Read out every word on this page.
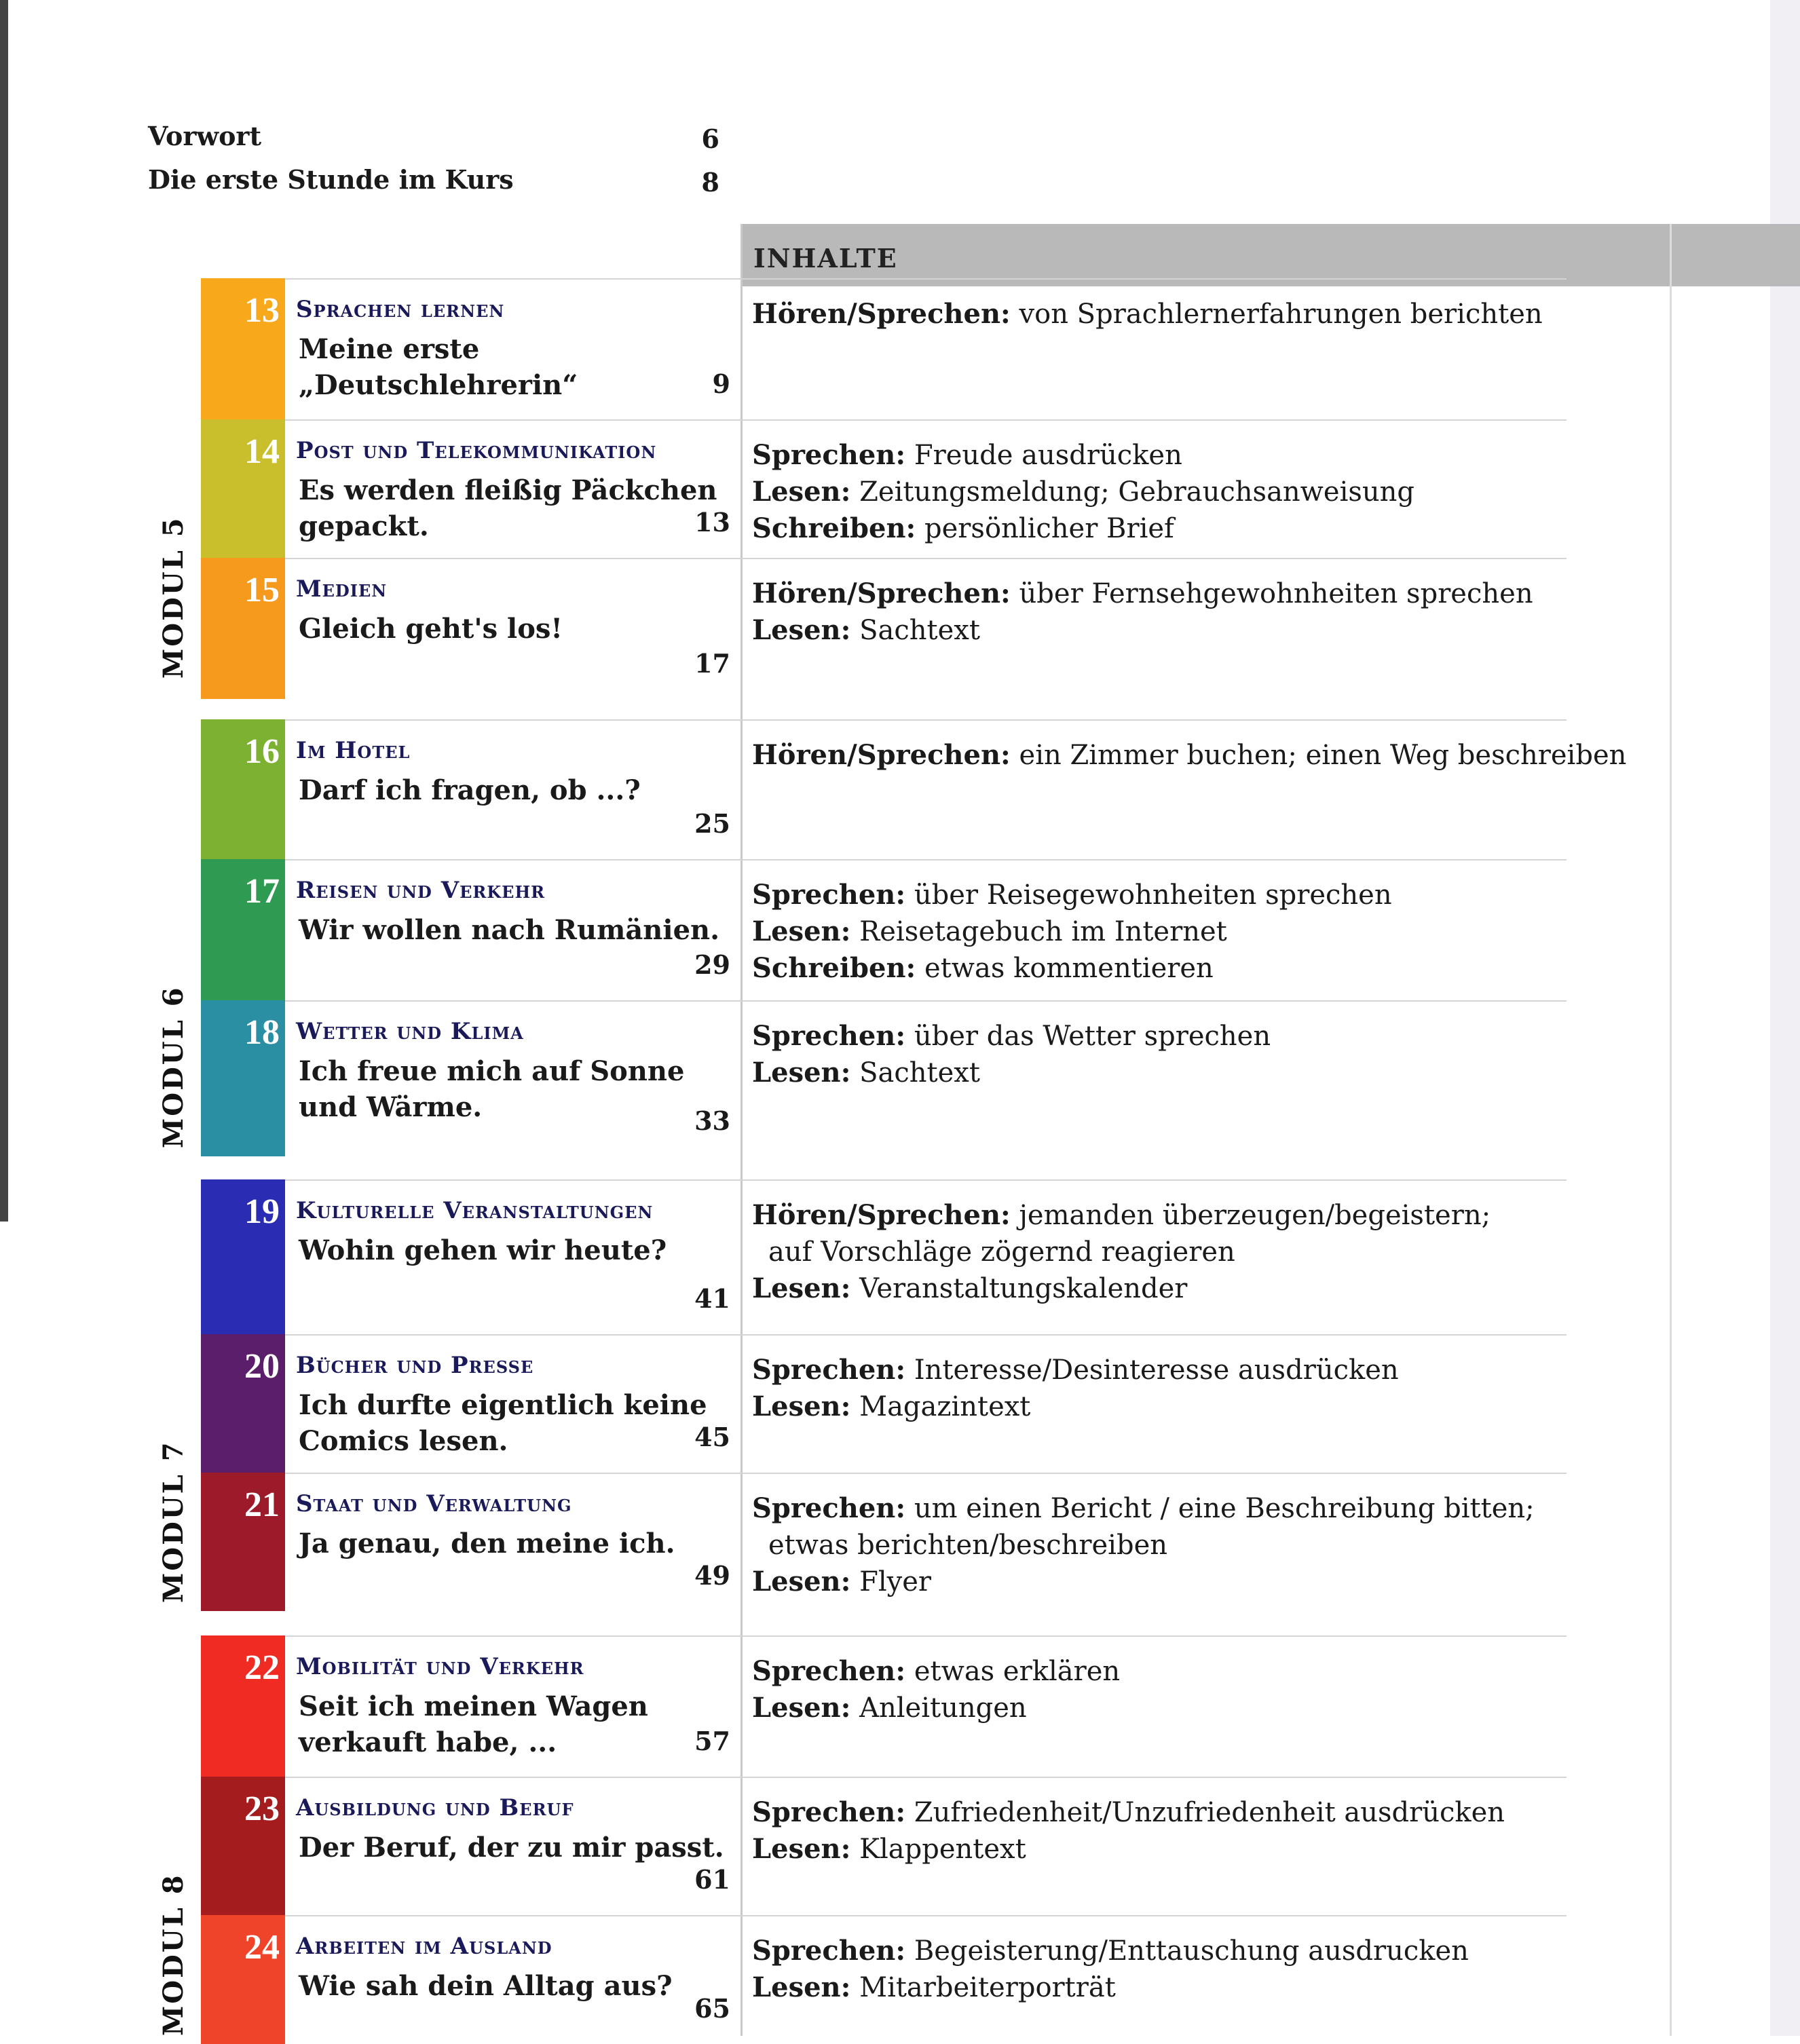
Vorwort	6
Die erste Stunde im Kurs	8
INHALTE
MODUL 5
13 Sprachen lernen
Meine erste
„Deutschlehrerin“	9
Hören/Sprechen: von Sprachlernerfahrungen berichten
14 Post und Telekommunikation
Es werden fleißig Päckchen
gepackt.	13
Sprechen: Freude ausdrücken
Lesen: Zeitungsmeldung; Gebrauchsanweisung
Schreiben: persönlicher Brief
15 Medien
Gleich geht's los!
17
Hören/Sprechen: über Fernsehgewohnheiten sprechen
Lesen: Sachtext
MODUL 6
16 Im Hotel
Darf ich fragen, ob ...?
25
Hören/Sprechen: ein Zimmer buchen; einen Weg beschreiben
17 Reisen und Verkehr
Wir wollen nach Rumänien.
29
Sprechen: über Reisegewohnheiten sprechen
Lesen: Reisetagebuch im Internet
Schreiben: etwas kommentieren
18 Wetter und Klima
Ich freue mich auf Sonne
und Wärme.	33
Sprechen: über das Wetter sprechen
Lesen: Sachtext
MODUL 7
19 Kulturelle Veranstaltungen
Wohin gehen wir heute?
41
Hören/Sprechen: jemanden überzeugen/begeistern;
auf Vorschläge zögernd reagieren
Lesen: Veranstaltungskalender
20 Bücher und Presse
Ich durfte eigentlich keine
Comics lesen.	45
Sprechen: Interesse/Desinteresse ausdrücken
Lesen: Magazintext
21 Staat und Verwaltung
Ja genau, den meine ich.
49
Sprechen: um einen Bericht / eine Beschreibung bitten;
etwas berichten/beschreiben
Lesen: Flyer
MODUL 8
22 Mobilität und Verkehr
Seit ich meinen Wagen
verkauft habe, ...	57
Sprechen: etwas erklären
Lesen: Anleitungen
23 Ausbildung und Beruf
Der Beruf, der zu mir passt.
61
Sprechen: Zufriedenheit/Unzufriedenheit ausdrücken
Lesen: Klappentext
24 Arbeiten im Ausland
Wie sah dein Alltag aus?
65
Sprechen: Begeisterung/Enttauschung ausdrucken
Lesen: Mitarbeiterporträt
